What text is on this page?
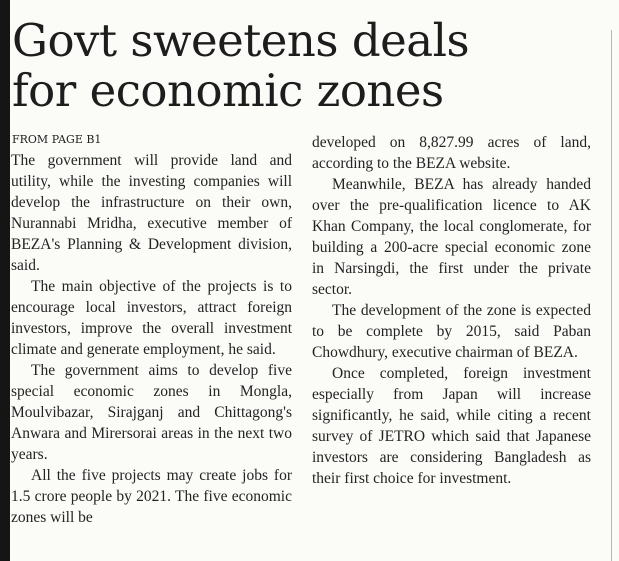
Govt sweetens deals
for economic zones
FROM PAGE B1

The government will provide land and utility, while the investing companies will develop the infrastructure on their own, Nurannabi Mridha, executive member of BEZA's Planning & Development division, said.

The main objective of the projects is to encourage local investors, attract foreign investors, improve the overall investment climate and generate employment, he said.

The government aims to develop five special economic zones in Mongla, Moulvibazar, Sirajganj and Chittagong's Anwara and Mirersorai areas in the next two years.

All the five projects may create jobs for 1.5 crore people by 2021. The five economic zones will be

developed on 8,827.99 acres of land, according to the BEZA website.

Meanwhile, BEZA has already handed over the pre-qualification licence to AK Khan Company, the local conglomerate, for building a 200-acre special economic zone in Narsingdi, the first under the private sector.

The development of the zone is expected to be complete by 2015, said Paban Chowdhury, executive chairman of BEZA.

Once completed, foreign investment especially from Japan will increase significantly, he said, while citing a recent survey of JETRO which said that Japanese investors are considering Bangladesh as their first choice for investment.
